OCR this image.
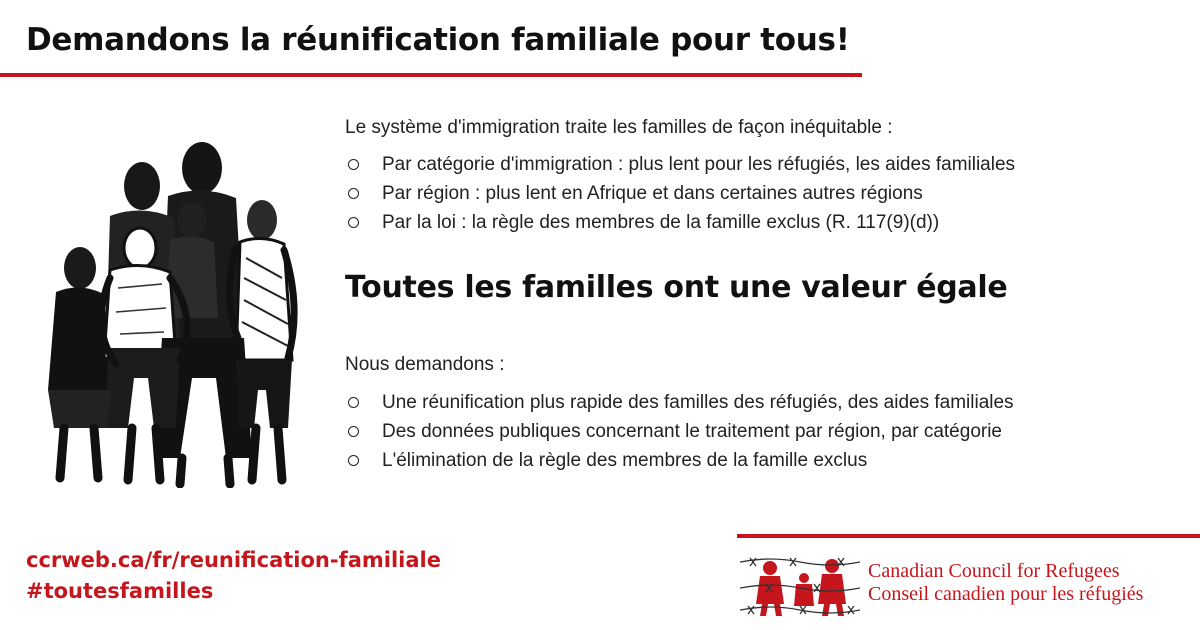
Demandons la réunification familiale pour tous!
Le système d'immigration traite les familles de façon inéquitable :
Par catégorie d'immigration : plus lent pour les réfugiés, les aides familiales
Par région : plus lent en Afrique et dans certaines autres régions
Par la loi : la règle des membres de la famille exclus (R. 117(9)(d))
Toutes les familles ont une valeur égale
Nous demandons :
Une réunification plus rapide des familles des réfugiés, des aides familiales
Des données publiques concernant le traitement par région, par catégorie
L'élimination de la règle des membres de la famille exclus
ccrweb.ca/fr/reunification-familiale
#toutesfamilles
Canadian Council for Refugees
Conseil canadien pour les réfugiés
